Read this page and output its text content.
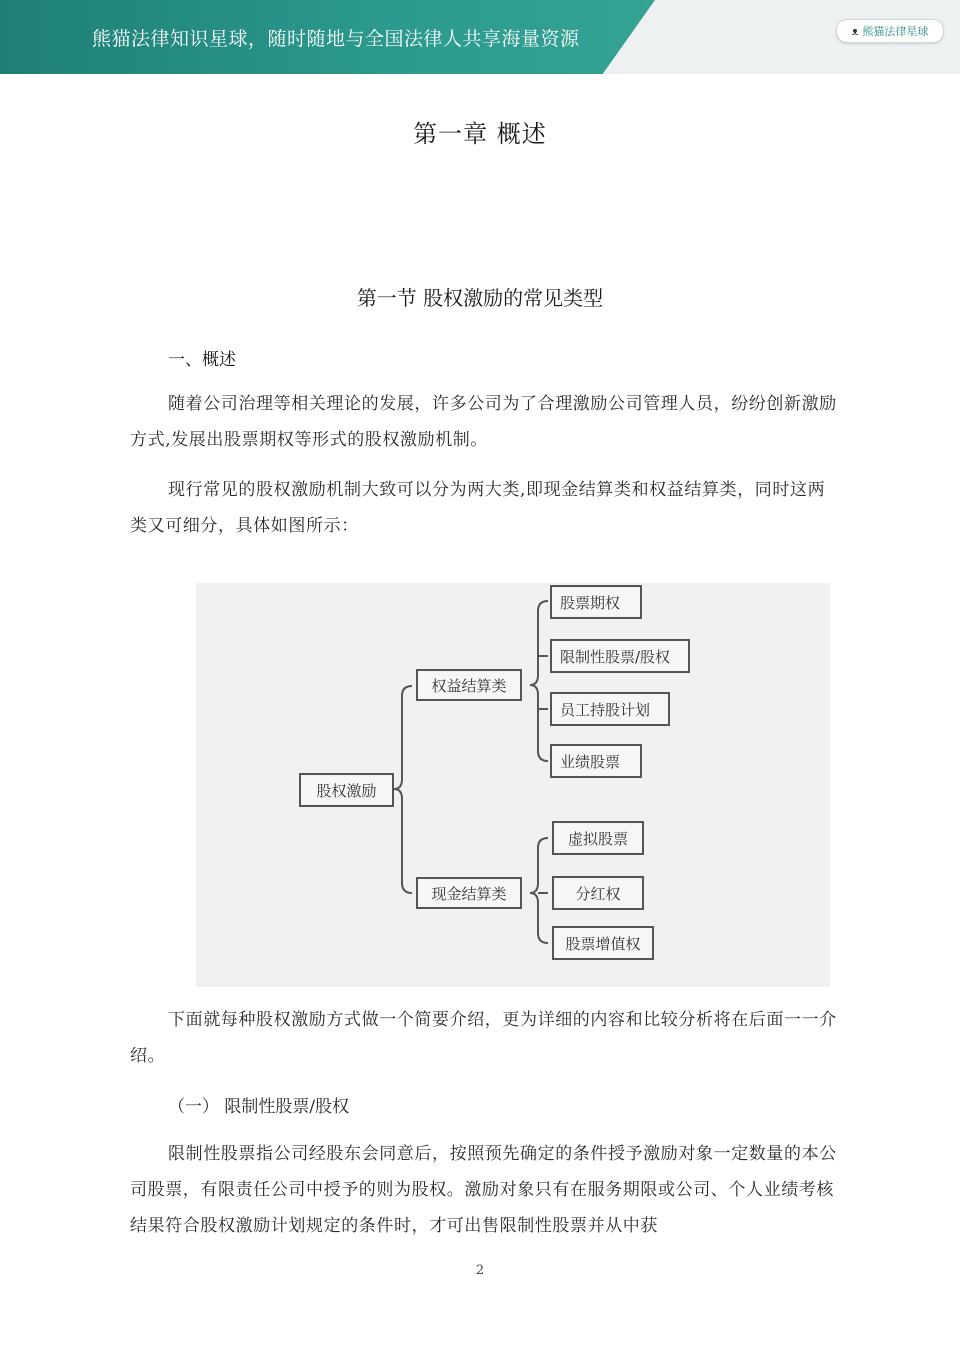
熊猫法律知识星球，随时随地与全国法律人共享海量资源	ᴥ 熊猫法律星球
第一章 概述
第一节 股权激励的常见类型
一、概述

随着公司治理等相关理论的发展，许多公司为了合理激励公司管理人员，纷纷创新激励方式,发展出股票期权等形式的股权激励机制。

现行常见的股权激励机制大致可以分为两大类,即现金结算类和权益结算类，同时这两类又可细分，具体如图所示：

股权激励
权益结算类
现金结算类
股票期权
限制性股票/股权
员工持股计划
业绩股票
虚拟股票
分红权
股票增值权

下面就每种股权激励方式做一个简要介绍，更为详细的内容和比较分析将在后面一一介绍。

（一） 限制性股票/股权

限制性股票指公司经股东会同意后，按照预先确定的条件授予激励对象一定数量的本公司股票，有限责任公司中授予的则为股权。激励对象只有在服务期限或公司、个人业绩考核结果符合股权激励计划规定的条件时，才可出售限制性股票并从中获

2
